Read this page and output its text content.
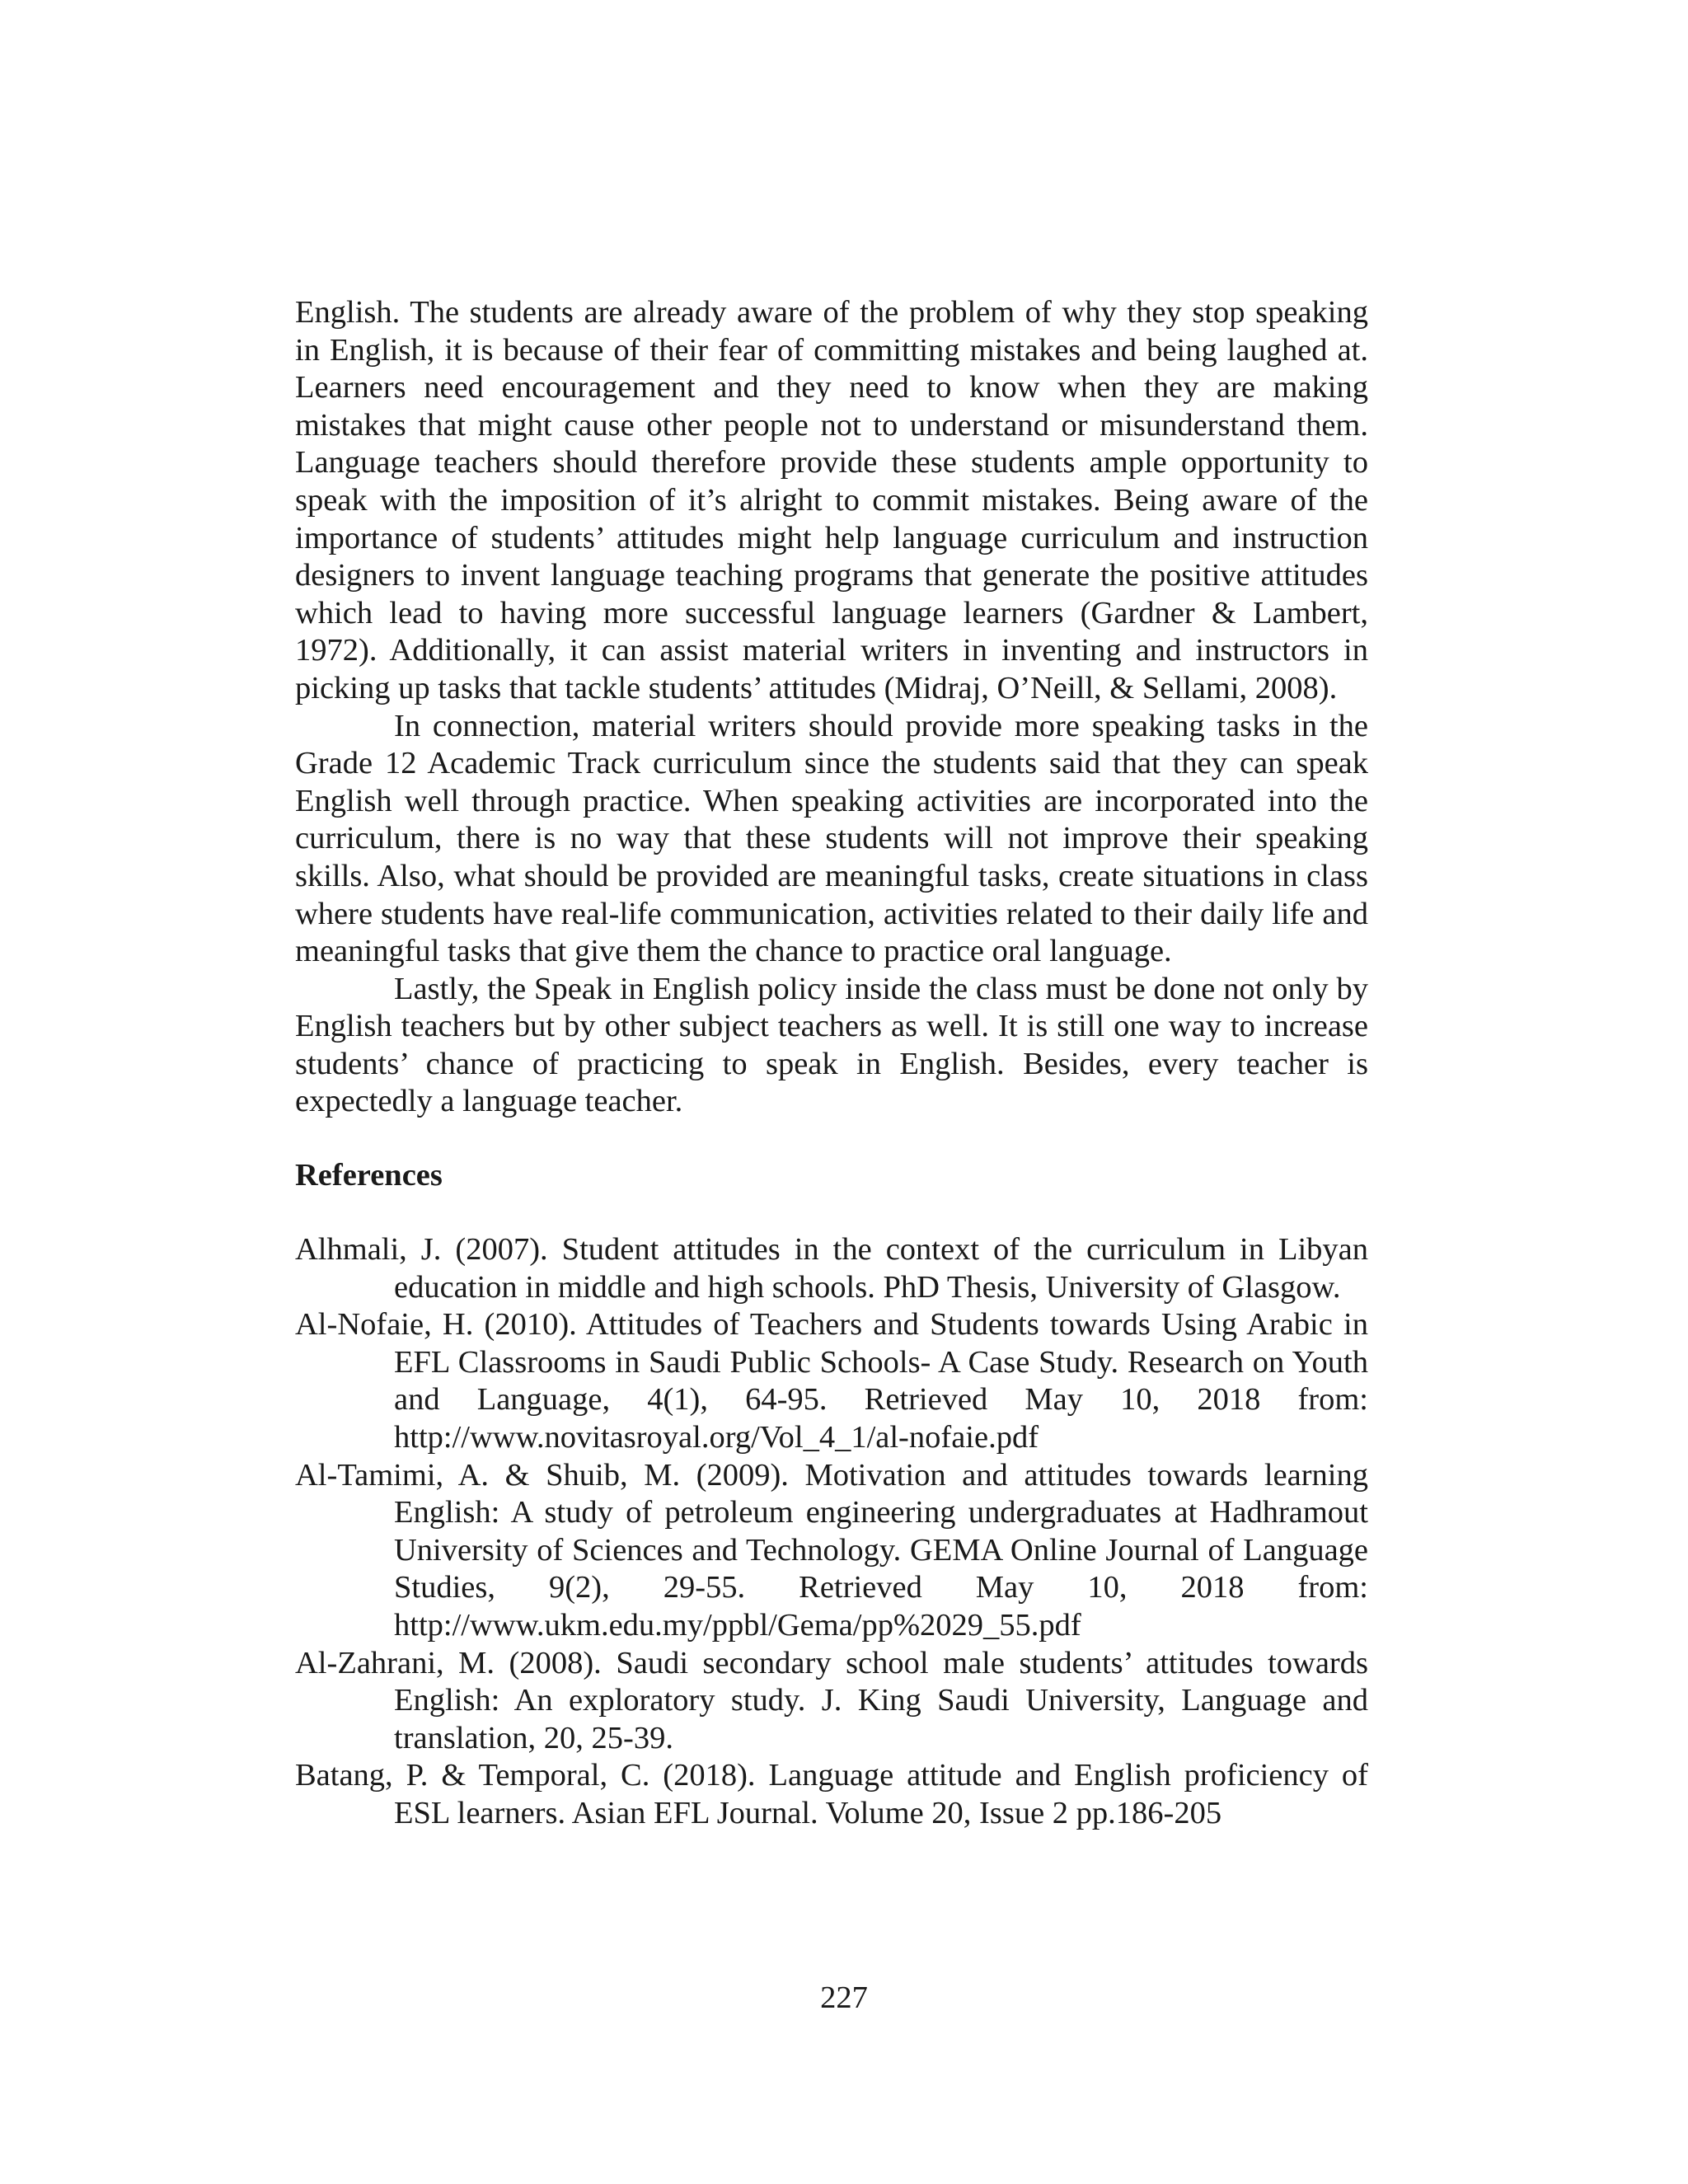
English. The students are already aware of the problem of why they stop speaking in English, it is because of their fear of committing mistakes and being laughed at. Learners need encouragement and they need to know when they are making mistakes that might cause other people not to understand or misunderstand them. Language teachers should therefore provide these students ample opportunity to speak with the imposition of it’s alright to commit mistakes. Being aware of the importance of students’ attitudes might help language curriculum and instruction designers to invent language teaching programs that generate the positive attitudes which lead to having more successful language learners (Gardner & Lambert, 1972). Additionally, it can assist material writers in inventing and instructors in picking up tasks that tackle students’ attitudes (Midraj, O’Neill, & Sellami, 2008).

In connection, material writers should provide more speaking tasks in the Grade 12 Academic Track curriculum since the students said that they can speak English well through practice. When speaking activities are incorporated into the curriculum, there is no way that these students will not improve their speaking skills. Also, what should be provided are meaningful tasks, create situations in class where students have real-life communication, activities related to their daily life and meaningful tasks that give them the chance to practice oral language.

Lastly, the Speak in English policy inside the class must be done not only by English teachers but by other subject teachers as well. It is still one way to increase students’ chance of practicing to speak in English. Besides, every teacher is expectedly a language teacher.

References
Alhmali, J. (2007). Student attitudes in the context of the curriculum in Libyan education in middle and high schools. PhD Thesis, University of Glasgow.
Al-Nofaie, H. (2010). Attitudes of Teachers and Students towards Using Arabic in EFL Classrooms in Saudi Public Schools- A Case Study. Research on Youth and Language, 4(1), 64-95. Retrieved May 10, 2018 from: http://www.novitasroyal.org/Vol_4_1/al-nofaie.pdf
Al-Tamimi, A. & Shuib, M. (2009). Motivation and attitudes towards learning English: A study of petroleum engineering undergraduates at Hadhramout University of Sciences and Technology. GEMA Online Journal of Language Studies, 9(2), 29-55. Retrieved May 10, 2018 from: http://www.ukm.edu.my/ppbl/Gema/pp%2029_55.pdf
Al-Zahrani, M. (2008). Saudi secondary school male students’ attitudes towards English: An exploratory study. J. King Saudi University, Language and translation, 20, 25-39.
Batang, P. & Temporal, C. (2018). Language attitude and English proficiency of ESL learners. Asian EFL Journal. Volume 20, Issue 2 pp.186-205
227
